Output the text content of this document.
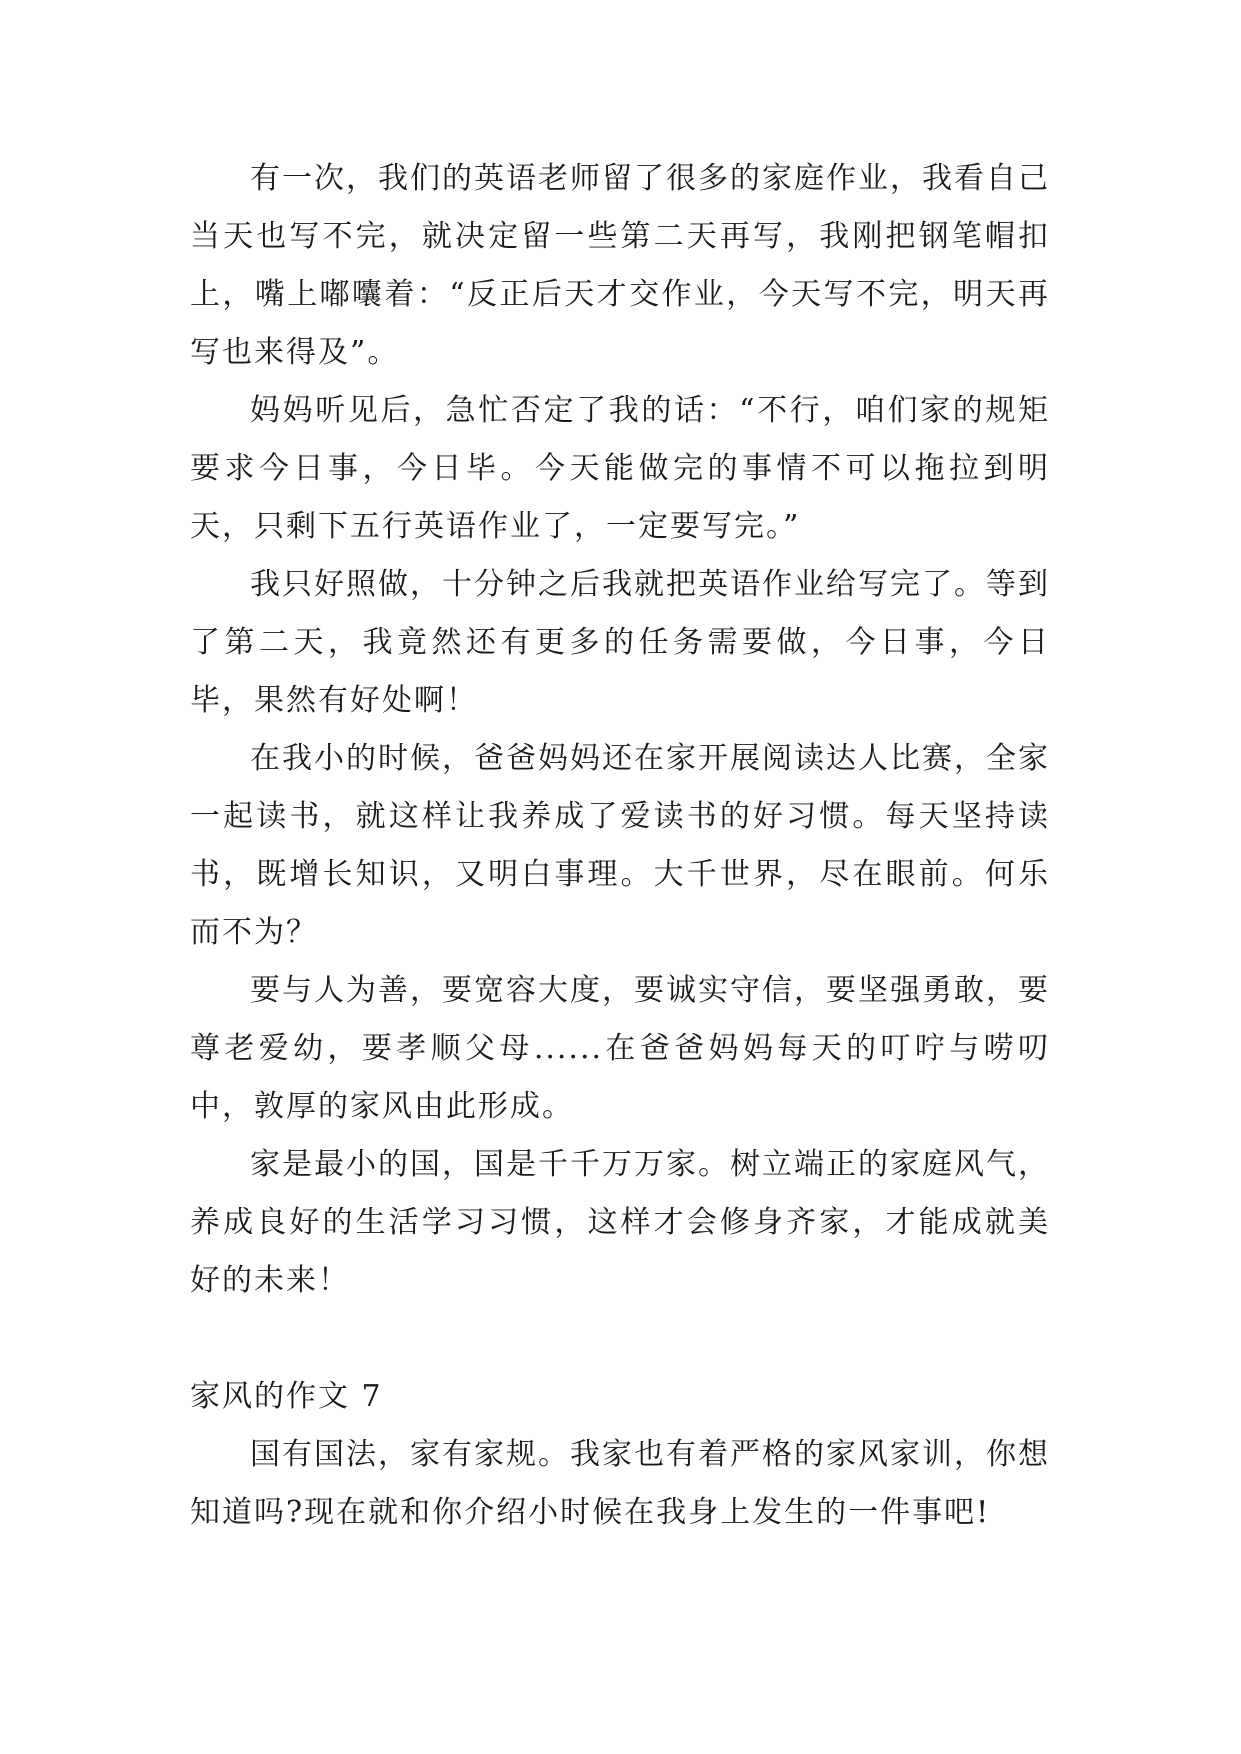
有一次，我们的英语老师留了很多的家庭作业，我看自己当天也写不完，就决定留一些第二天再写，我刚把钢笔帽扣上，嘴上嘟囔着：“反正后天才交作业，今天写不完，明天再写也来得及”。

妈妈听见后，急忙否定了我的话：“不行，咱们家的规矩要求今日事，今日毕。今天能做完的事情不可以拖拉到明天，只剩下五行英语作业了，一定要写完。”

我只好照做，十分钟之后我就把英语作业给写完了。等到了第二天，我竟然还有更多的任务需要做，今日事，今日毕，果然有好处啊！

在我小的时候，爸爸妈妈还在家开展阅读达人比赛，全家一起读书，就这样让我养成了爱读书的好习惯。每天坚持读书，既增长知识，又明白事理。大千世界，尽在眼前。何乐而不为？

要与人为善，要宽容大度，要诚实守信，要坚强勇敢，要尊老爱幼，要孝顺父母......在爸爸妈妈每天的叮咛与唠叨中，敦厚的家风由此形成。

家是最小的国，国是千千万万家。树立端正的家庭风气，养成良好的生活学习习惯，这样才会修身齐家，才能成就美好的未来！

家风的作文 7

国有国法，家有家规。我家也有着严格的家风家训，你想知道吗?现在就和你介绍小时候在我身上发生的一件事吧!
